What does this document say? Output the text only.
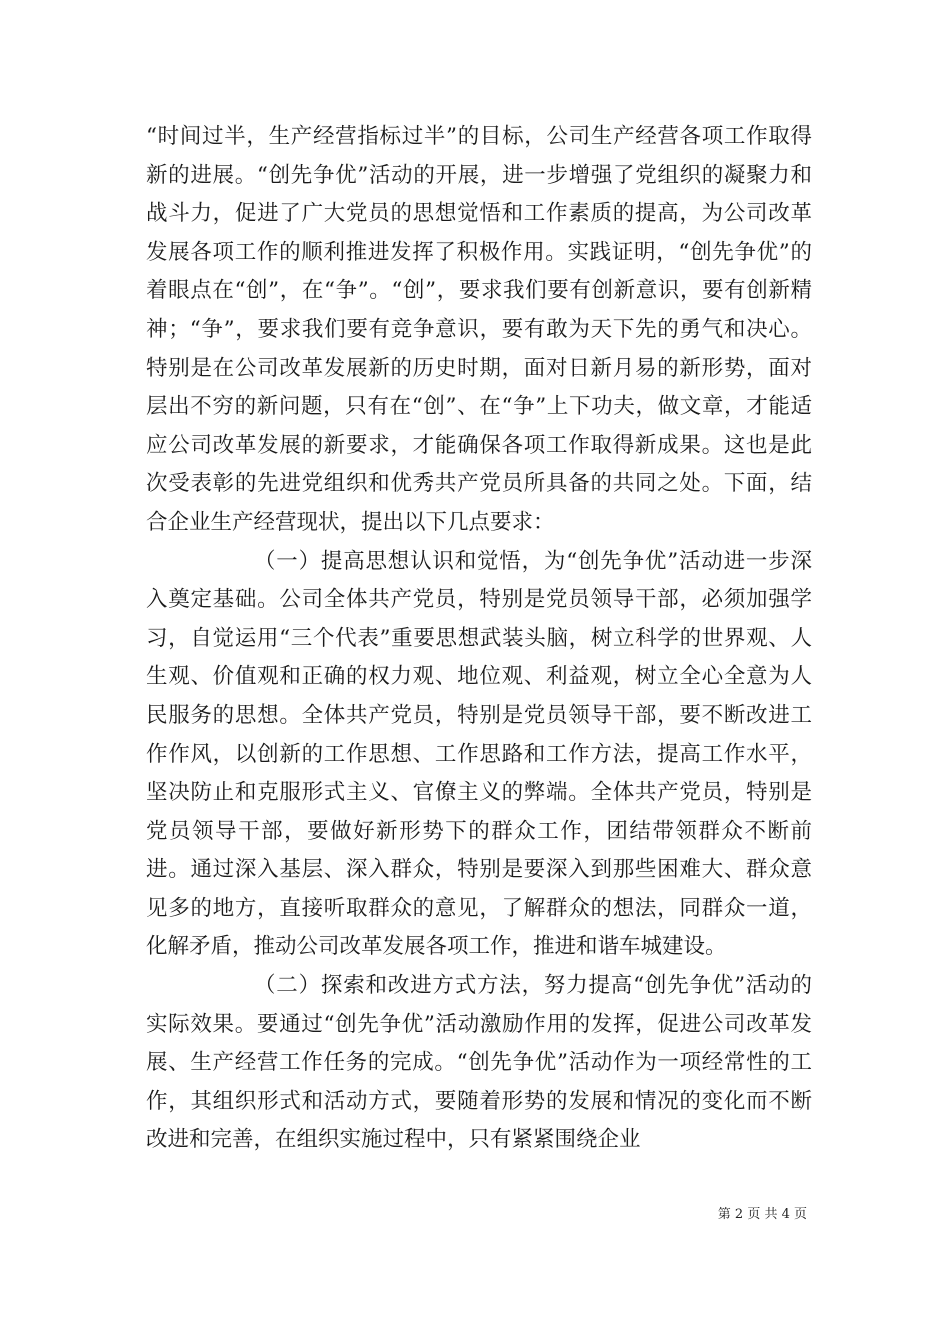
“时间过半，生产经营指标过半”的目标，公司生产经营各项工作取得新的进展。“创先争优”活动的开展，进一步增强了党组织的凝聚力和战斗力，促进了广大党员的思想觉悟和工作素质的提高，为公司改革发展各项工作的顺利推进发挥了积极作用。实践证明，“创先争优”的着眼点在“创”，在“争”。“创”，要求我们要有创新意识，要有创新精神；“争”，要求我们要有竞争意识，要有敢为天下先的勇气和决心。特别是在公司改革发展新的历史时期，面对日新月易的新形势，面对层出不穷的新问题，只有在“创”、在“争”上下功夫，做文章，才能适应公司改革发展的新要求，才能确保各项工作取得新成果。这也是此次受表彰的先进党组织和优秀共产党员所具备的共同之处。下面，结合企业生产经营现状，提出以下几点要求：

（一）提高思想认识和觉悟，为“创先争优”活动进一步深入奠定基础。公司全体共产党员，特别是党员领导干部，必须加强学习，自觉运用“三个代表”重要思想武装头脑，树立科学的世界观、人生观、价值观和正确的权力观、地位观、利益观，树立全心全意为人民服务的思想。全体共产党员，特别是党员领导干部，要不断改进工作作风，以创新的工作思想、工作思路和工作方法，提高工作水平，坚决防止和克服形式主义、官僚主义的弊端。全体共产党员，特别是党员领导干部，要做好新形势下的群众工作，团结带领群众不断前进。通过深入基层、深入群众，特别是要深入到那些困难大、群众意见多的地方，直接听取群众的意见，了解群众的想法，同群众一道，化解矛盾，推动公司改革发展各项工作，推进和谐车城建设。

（二）探索和改进方式方法，努力提高“创先争优”活动的实际效果。要通过“创先争优”活动激励作用的发挥，促进公司改革发展、生产经营工作任务的完成。“创先争优”活动作为一项经常性的工作，其组织形式和活动方式，要随着形势的发展和情况的变化而不断改进和完善，在组织实施过程中，只有紧紧围绕企业

第 2 页 共 4 页
